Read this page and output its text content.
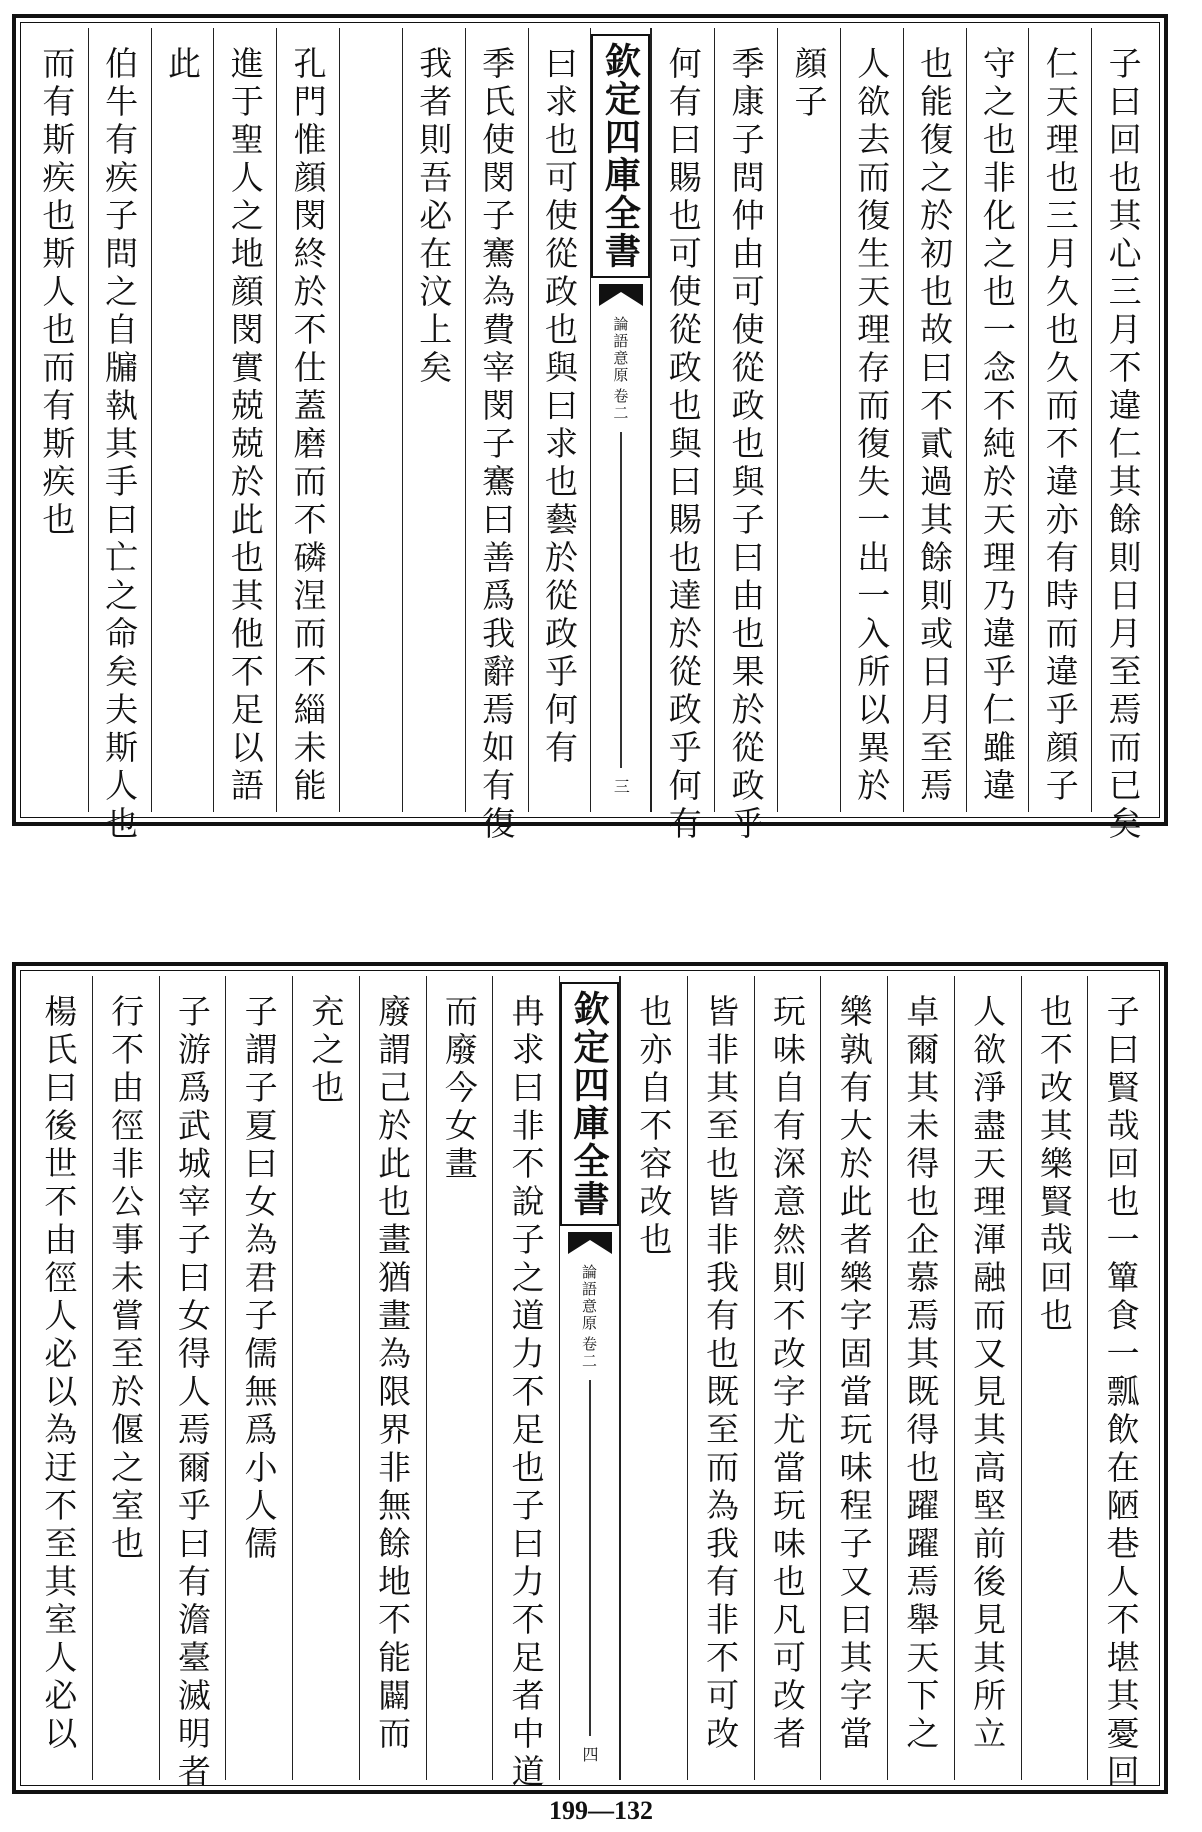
子曰回也其心三月不違仁其餘則日月至焉而已矣
仁天理也三月久也久而不違亦有時而違乎顔子
守之也非化之也一念不純於天理乃違乎仁雖違
也能復之於初也故曰不貳過其餘則或日月至焉
人欲去而復生天理存而復失一出一入所以異於
顔子
季康子問仲由可使從政也與子曰由也果於從政乎
何有曰賜也可使從政也與曰賜也達於從政乎何有
欽定四庫全書
論語意原
卷二
三
曰求也可使從政也與曰求也藝於從政乎何有
季氏使閔子騫為費宰閔子騫曰善爲我辭焉如有復
我者則吾必在汶上矣
孔門惟顔閔終於不仕蓋磨而不磷涅而不緇未能
進于聖人之地顔閔實兢兢於此也其他不足以語
此
伯牛有疾子問之自牖執其手曰亡之命矣夫斯人也
而有斯疾也斯人也而有斯疾也
子曰賢哉回也一簞食一瓢飲在陋巷人不堪其憂回
也不改其樂賢哉回也
人欲淨盡天理渾融而又見其高堅前後見其所立
卓爾其未得也企慕焉其既得也躍躍焉舉天下之
樂孰有大於此者樂字固當玩味程子又曰其字當
玩味自有深意然則不改字尤當玩味也凡可改者
皆非其至也皆非我有也既至而為我有非不可改
也亦自不容改也
欽定四庫全書
論語意原
卷二
四
冉求曰非不說子之道力不足也子曰力不足者中道
而廢今女畫
廢謂己於此也畫猶畫為限界非無餘地不能闢而
充之也
子謂子夏曰女為君子儒無爲小人儒
子游爲武城宰子曰女得人焉爾乎曰有澹臺滅明者
行不由徑非公事未嘗至於偃之室也
楊氏曰後世不由徑人必以為迂不至其室人必以
199—132
